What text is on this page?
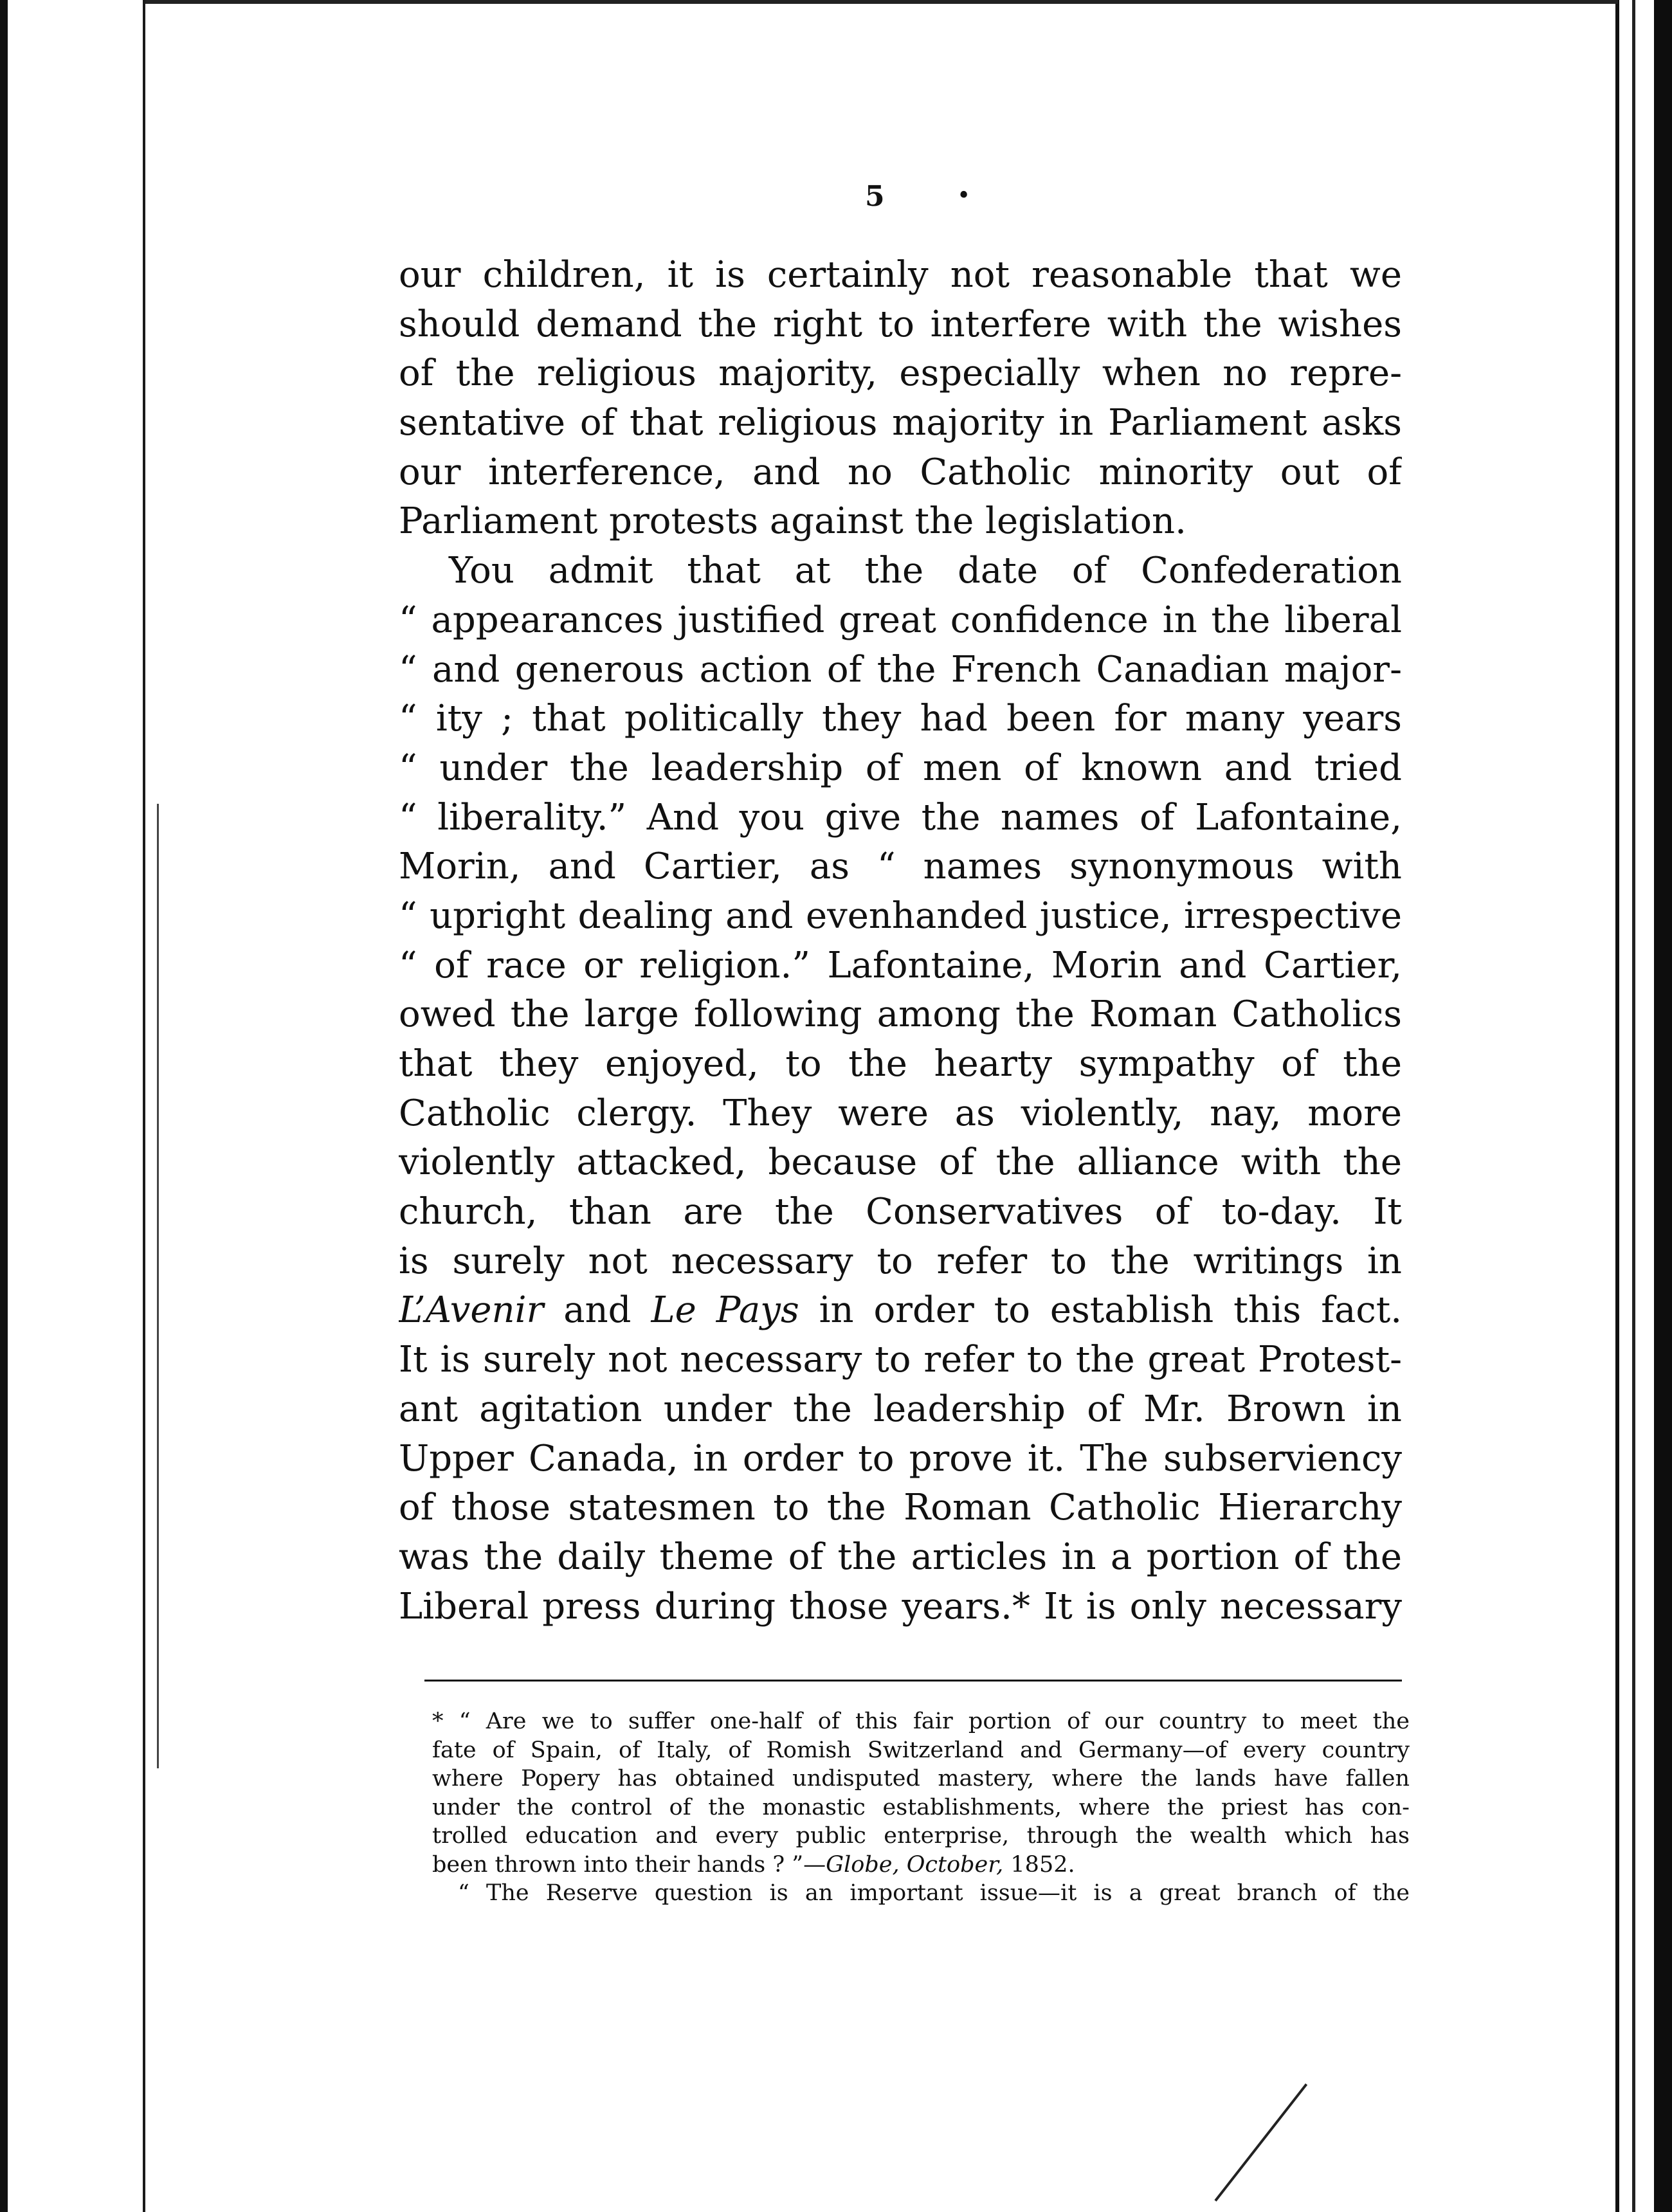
5	•
our children, it is certainly not reasonable that we
should demand the right to interfere with the wishes
of the religious majority, especially when no repre-
sentative of that religious majority in Parliament asks
our interference, and no Catholic minority out of
Parliament protests against the legislation.
You admit that at the date of Confederation
“ appearances justified great confidence in the liberal
“ and generous action of the French Canadian major-
“ ity ; that politically they had been for many years
“ under the leadership of men of known and tried
“ liberality.” And you give the names of Lafontaine,
Morin, and Cartier, as “ names synonymous with
“ upright dealing and evenhanded justice, irrespective
“ of race or religion.” Lafontaine, Morin and Cartier,
owed the large following among the Roman Catholics
that they enjoyed, to the hearty sympathy of the
Catholic clergy. They were as violently, nay, more
violently attacked, because of the alliance with the
church, than are the Conservatives of to-day. It
is surely not necessary to refer to the writings in
L’Avenir and Le Pays in order to establish this fact.
It is surely not necessary to refer to the great Protest-
ant agitation under the leadership of Mr. Brown in
Upper Canada, in order to prove it. The subserviency
of those statesmen to the Roman Catholic Hierarchy
was the daily theme of the articles in a portion of the
Liberal press during those years.* It is only necessary
* “ Are we to suffer one-half of this fair portion of our country to meet the
fate of Spain, of Italy, of Romish Switzerland and Germany—of every country
where Popery has obtained undisputed mastery, where the lands have fallen
under the control of the monastic establishments, where the priest has con-
trolled education and every public enterprise, through the wealth which has
been thrown into their hands ? ”—Globe, October, 1852.
“ The Reserve question is an important issue—it is a great branch of the
